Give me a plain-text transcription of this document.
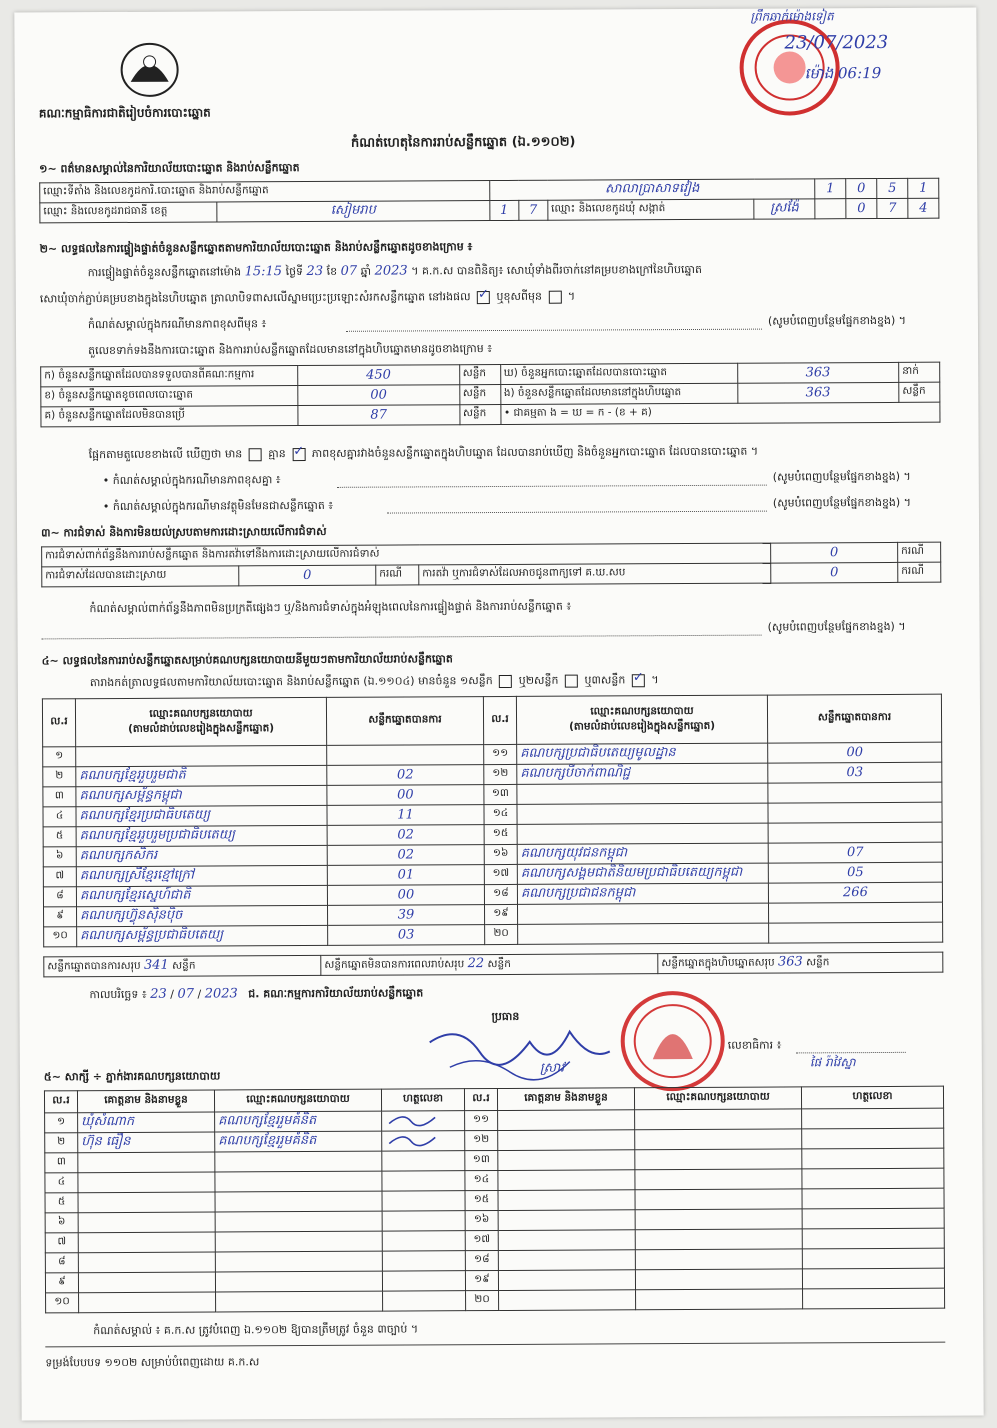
ព្រឹកឆាក់ម៉ោងទៀត
23/07/2023
ម៉ោង 06:19
គណៈកម្មាធិការជាតិរៀបចំការបោះឆ្នោត
កំណត់ហេតុនៃការរាប់សន្លឹកឆ្នោត (ឯ.១១០២)
១~ ពត៌មានសម្គាល់នៃការិយាល័យបោះឆ្នោត និងរាប់សន្លឹកឆ្នោត
ឈ្មោះទីតាំង និងលេខកូដការិ.បោះឆ្នោត និងរាប់សន្លឹកឆ្នោត		សាលាប្រាសាទវៀង				1	0	5	1
ឈ្មោះ និងលេខកូដរាជធានី ខេត្ត	សៀមរាប	1	7	ឈ្មោះ និងលេខកូដឃុំ សង្កាត់	ស្រង៉ែ		0	7	4
២~ លទ្ធផលនៃការផ្ទៀងផ្ទាត់ចំនួនសន្លឹកឆ្នោតតាមការិយាល័យបោះឆ្នោត និងរាប់សន្លឹកឆ្នោតដូចខាងក្រោម ៖
ការផ្ទៀងផ្ទាត់ចំនួនសន្លឹកឆ្នោតនៅម៉ោង 15:15 ថ្ងៃទី 23 ខែ 07 ឆ្នាំ 2023 ។ គ.ក.ស បានពិនិត្យ៖ សោឃុំទាំងពីរចាក់នៅគម្របខាងក្រៅនៃហិបឆ្នោត
សោឃុំចាក់ភ្ជាប់គម្របខាងក្នុងនៃហិបឆ្នោត ត្រាលាបិទពាសលើស្នាមប្រេះប្រឡោះសំរកសន្លឹកឆ្នោត នៅរងផល ✓ ឬខុសពីមុន  ។
កំណត់សម្គាល់ក្នុងករណីមានភាពខុសពីមុន ៖	(សូមបំពេញបន្ថែមផ្នែកខាងខ្នង) ។
តួលេខទាក់ទងនឹងការបោះឆ្នោត និងការរាប់សន្លឹកឆ្នោតដែលមាននៅក្នុងហិបឆ្នោតមានដូចខាងក្រោម ៖
ក) ចំនួនសន្លឹកឆ្នោតដែលបានទទួលបានពីគណៈកម្មការ	450	សន្លឹក	ឃ) ចំនួនអ្នកបោះឆ្នោតដែលបានបោះឆ្នោត	363	នាក់
ខ) ចំនួនសន្លឹកឆ្នោតខូចពេលបោះឆ្នោត	00	សន្លឹក	ង) ចំនួនសន្លឹកឆ្នោតដែលមាននៅក្នុងហិបឆ្នោត	363	សន្លឹក
គ) ចំនួនសន្លឹកឆ្នោតដែលមិនបានប្រើ	87	សន្លឹក	• ជាគម្មតា ង = ឃ = ក - (ខ + គ)		
ផ្អែកតាមតួលេខខាងលើ ឃើញថា មាន គ្មាន ✓ ភាពខុសគ្នារវាងចំនួនសន្លឹកឆ្នោតក្នុងហិបឆ្នោត ដែលបានរាប់ឃើញ និងចំនួនអ្នកបោះឆ្នោត ដែលបានបោះឆ្នោត ។
• កំណត់សម្គាល់ក្នុងករណីមានភាពខុសគ្នា ៖	(សូមបំពេញបន្ថែមផ្នែកខាងខ្នង) ។
• កំណត់សម្គាល់ក្នុងករណីមានវត្ថុមិនមែនជាសន្លឹកឆ្នោត ៖	(សូមបំពេញបន្ថែមផ្នែកខាងខ្នង) ។
៣~ ការជំទាស់ និងការមិនយល់ស្របតាមការដោះស្រាយលើការជំទាស់
ការជំទាស់ពាក់ព័ន្ធនឹងការរាប់សន្លឹកឆ្នោត និងការតវ៉ាទៅនឹងការដោះស្រាយលើការជំទាស់				0	ករណី
ការជំទាស់ដែលបានដោះស្រាយ	0	ករណី	ការតវ៉ា ឬការជំទាស់ដែលអាចជូនពាក្យទៅ គ.ឃ.សប	0	ករណី
កំណត់សម្គាល់ពាក់ព័ន្ធនឹងភាពមិនប្រក្រតីផ្សេងៗ ឬ/និងការជំទាស់ក្នុងអំឡុងពេលនៃការផ្ទៀងផ្ទាត់ និងការរាប់សន្លឹកឆ្នោត ៖
(សូមបំពេញបន្ថែមផ្នែកខាងខ្នង) ។
៤~ លទ្ធផលនៃការរាប់សន្លឹកឆ្នោតសម្រាប់គណបក្សនយោបាយនីមួយៗតាមការិយាល័យរាប់សន្លឹកឆ្នោត
តារាងកត់ត្រាលទ្ធផលតាមការិយាល័យបោះឆ្នោត និងរាប់សន្លឹកឆ្នោត (ឯ.១១០៤) មានចំនួន ១សន្លឹក ឬ២សន្លឹក ឬ៣សន្លឹក ✓ ។
ល.រ	ឈ្មោះគណបក្សនយោបាយ
(តាមលំដាប់លេខរៀងក្នុងសន្លឹកឆ្នោត)	សន្លឹកឆ្នោតបានការ	ល.រ	ឈ្មោះគណបក្សនយោបាយ
(តាមលំដាប់លេខរៀងក្នុងសន្លឹកឆ្នោត)	សន្លឹកឆ្នោតបានការ
១			១១	គណបក្សប្រជាធិបតេយ្យមូលដ្ឋាន	00
២	គណបក្សខ្មែររួបរួមជាតិ	02	១២	គណបក្សបីចាក់ពាណិជ្ជ	03
៣	គណបក្សសម្ព័ន្ធកម្ពុជា	00	១៣		
៤	គណបក្សខ្មែរប្រជាធិបតេយ្យ	11	១៤		
៥	គណបក្សខ្មែររួបរួមប្រជាធិបតេយ្យ	02	១៥		
៦	គណបក្សកសិករ	02	១៦	គណបក្សយុវជនកម្ពុជា	07
៧	គណបក្សស្រីខ្មែរខ្មៅក្រៅ	01	១៧	គណបក្សសង្គមជាតិនិយមប្រជាធិបតេយ្យកម្ពុជា	05
៨	គណបក្សខ្មែរស្នេហ៍ជាតិ	00	១៨	គណបក្សប្រជាជនកម្ពុជា	266
៩	គណបក្សហ៊្វុនស៊ិនប៉ិច	39	១៩		
១០	គណបក្សសម្ព័ន្ធប្រជាធិបតេយ្យ	03	២០		
សន្លឹកឆ្នោតបានការសរុប 341 សន្លឹក	សន្លឹកឆ្នោតមិនបានការពេលរាប់សរុប 22 សន្លឹក	សន្លឹកឆ្នោតក្នុងហិបឆ្នោតសរុប 363 សន្លឹក
កាលបរិច្ឆេទ ៖ 23 / 07 / 2023 ជ. គណៈកម្មការការិយាល័យរាប់សន្លឹកឆ្នោត
ប្រធាន
ស្រាវ
លេខាធិការ ៖
ផៃ រ៉ាវៃស្នា
៥~ សាក្សី ÷ ភ្នាក់ងារគណបក្សនយោបាយ
ល.រ	គោត្តនាម និងនាមខ្លួន	ឈ្មោះគណបក្សនយោបាយ	ហត្ថលេខា	ល.រ	គោត្តនាម និងនាមខ្លួន	ឈ្មោះគណបក្សនយោបាយ	ហត្ថលេខា
១	ឃុំសំណាក	គណបក្សខ្មែររួមគំនិត		១១			
២	ហ៊ុន ធឿន	គណបក្សខ្មែររួមគំនិត		១២			
៣				១៣			
៤				១៤			
៥				១៥			
៦				១៦			
៧				១៧			
៨				១៨			
៩				១៩			
១០				២០			
កំណត់សម្គាល់ ៖ គ.ក.ស ត្រូវបំពេញ ឯ.១១០២ ឱ្យបានត្រឹមត្រូវ ចំនួន ៣ច្បាប់ ។
ទម្រង់បែបបទ ១១០២ សម្រាប់បំពេញដោយ គ.ក.ស
